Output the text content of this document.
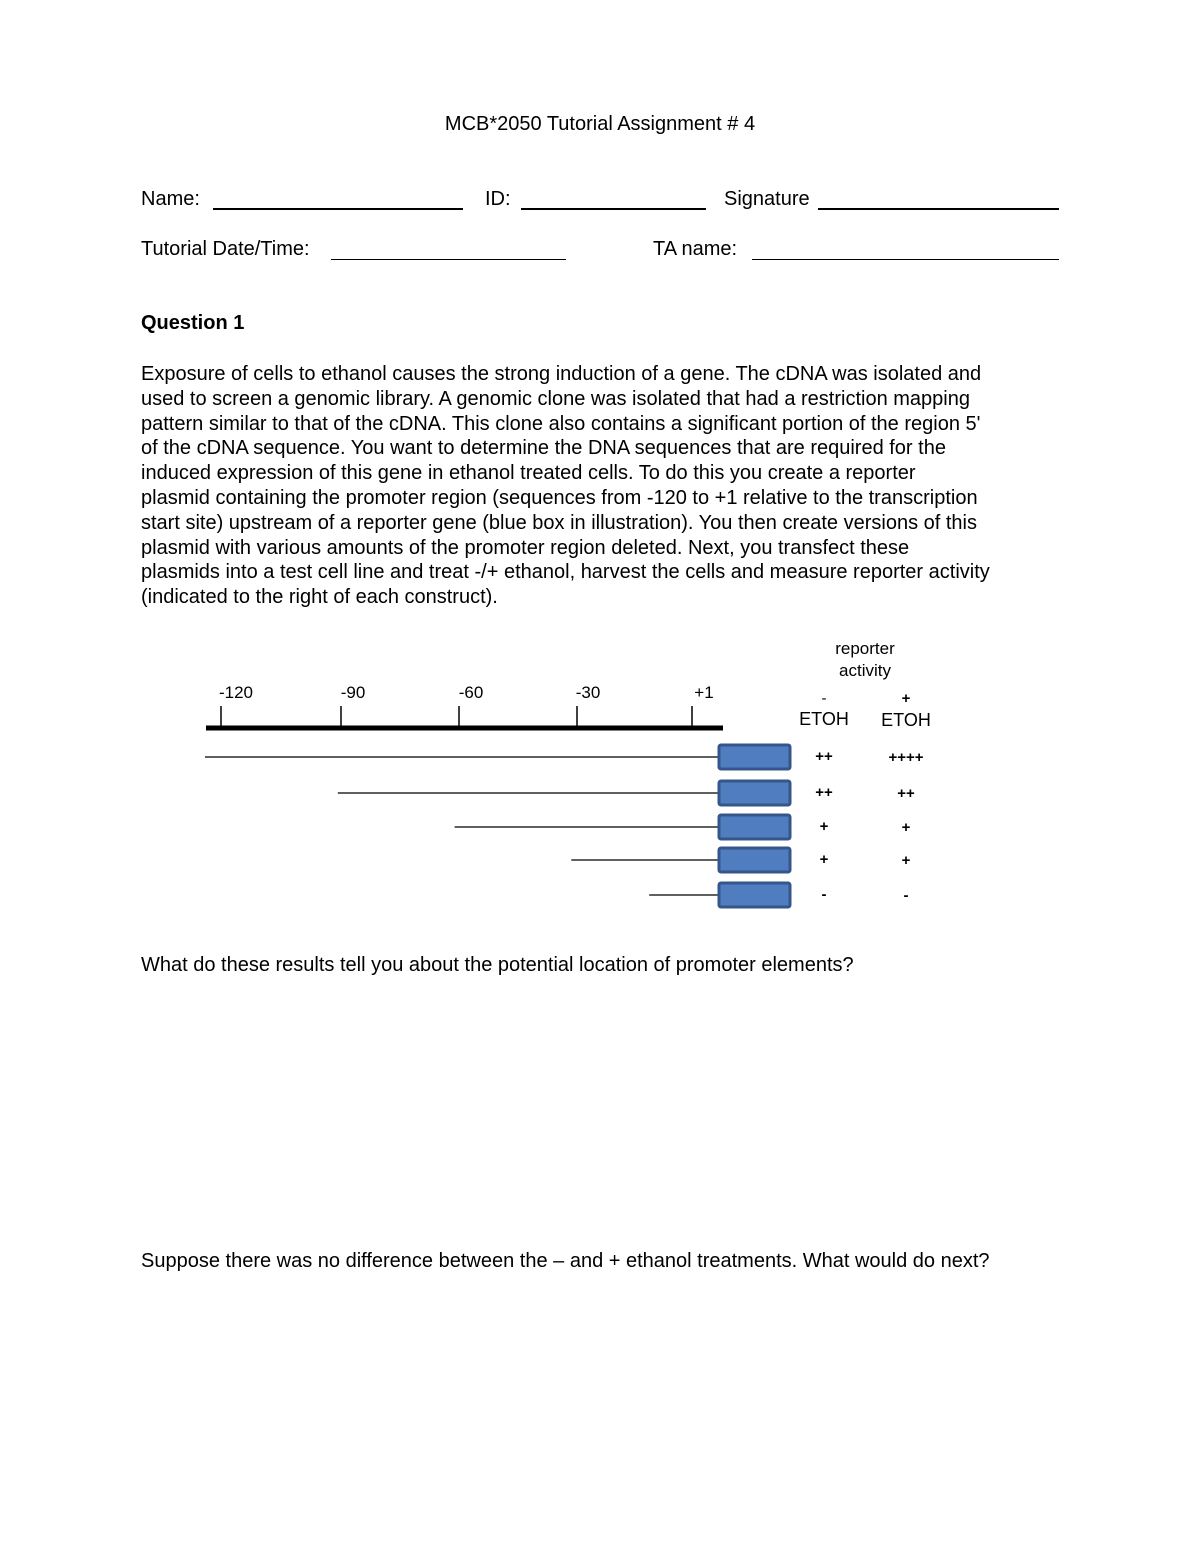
MCB*2050 Tutorial Assignment # 4
Name:	ID:	Signature
Tutorial Date/Time:	TA name:
Question 1

Exposure of cells to ethanol causes the strong induction of a gene. The cDNA was isolated and

used to screen a genomic library. A genomic clone was isolated that had a restriction mapping

pattern similar to that of the cDNA. This clone also contains a significant portion of the region 5'

of the cDNA sequence. You want to determine the DNA sequences that are required for the

induced expression of this gene in ethanol treated cells. To do this you create a reporter

plasmid containing the promoter region (sequences from -120 to +1 relative to the transcription

start site) upstream of a reporter gene (blue box in illustration). You then create versions of this

plasmid with various amounts of the promoter region deleted. Next, you transfect these

plasmids into a test cell line and treat -/+ ethanol, harvest the cells and measure reporter activity

(indicated to the right of each construct).

reporter
activity
-
ETOH
+
ETOH
-120	-90	-60	-30	+1
++	++++
++	++
+	+
+	+
-	-
What do these results tell you about the potential location of promoter elements?
Suppose there was no difference between the – and + ethanol treatments. What would do next?
